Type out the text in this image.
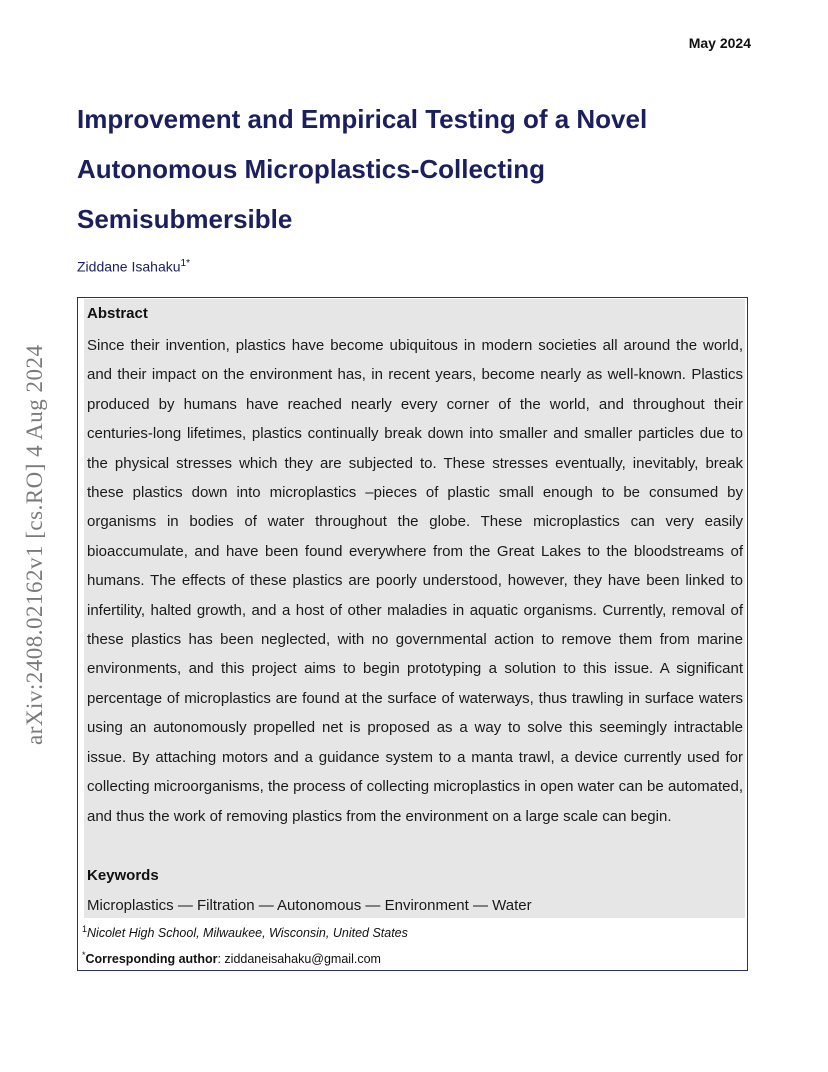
May 2024
Improvement and Empirical Testing of a Novel Autonomous Microplastics-Collecting Semisubmersible
Ziddane Isahaku$^{1*}$
arXiv:2408.02162v1 [cs.RO] 4 Aug 2024
Abstract
Since their invention, plastics have become ubiquitous in modern societies all around the world, and their impact on the environment has, in recent years, become nearly as well-known. Plastics produced by humans have reached nearly every corner of the world, and throughout their centuries-long lifetimes, plastics continually break down into smaller and smaller particles due to the physical stresses which they are subjected to. These stresses eventually, inevitably, break these plastics down into microplastics –pieces of plastic small enough to be consumed by organisms in bodies of water throughout the globe. These microplastics can very easily bioaccumulate, and have been found everywhere from the Great Lakes to the bloodstreams of humans. The effects of these plastics are poorly understood, however, they have been linked to infertility, halted growth, and a host of other maladies in aquatic organisms. Currently, removal of these plastics has been neglected, with no governmental action to remove them from marine environments, and this project aims to begin prototyping a solution to this issue. A significant percentage of microplastics are found at the surface of waterways, thus trawling in surface waters using an autonomously propelled net is proposed as a way to solve this seemingly intractable issue. By attaching motors and a guidance system to a manta trawl, a device currently used for collecting microorganisms, the process of collecting microplastics in open water can be automated, and thus the work of removing plastics from the environment on a large scale can begin.
Keywords
Microplastics — Filtration — Autonomous — Environment — Water
$^1$Nicolet High School, Milwaukee, Wisconsin, United States
*Corresponding author: ziddaneisahaku@gmail.com
